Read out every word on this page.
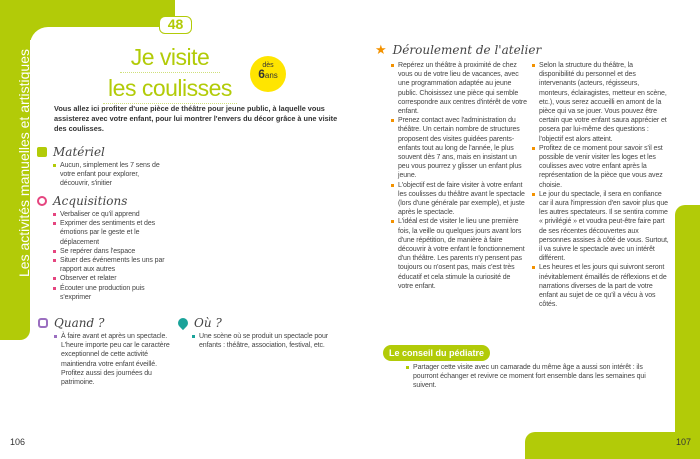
Les activités manuelles et artistiques
48
Je visite
les coulisses
dès
6ans

Vous allez ici profiter d'une pièce de théâtre pour jeune public, à laquelle vous assisterez avec votre enfant, pour lui montrer l'envers du décor grâce à une visite des coulisses.

Matériel
Aucun, simplement les 7 sens de votre enfant pour explorer, découvrir, s'initier
Acquisitions
Verbaliser ce qu'il apprend
Exprimer des sentiments et des émotions par le geste et le déplacement
Se repérer dans l'espace
Situer des événements les uns par rapport aux autres
Observer et relater
Écouter une production puis s'exprimer
Quand ?
À faire avant et après un spectacle. L'heure importe peu car le caractère exceptionnel de cette activité maintiendra votre enfant éveillé. Profitez aussi des journées du patrimoine.
Où ?
Une scène où se produit un spectacle pour enfants : théâtre, association, festival, etc.
106
★ Déroulement de l'atelier
Repérez un théâtre à proximité de chez vous ou de votre lieu de vacances, avec une programmation adaptée au jeune public. Choisissez une pièce qui semble correspondre aux centres d'intérêt de votre enfant.
Prenez contact avec l'administration du théâtre. Un certain nombre de structures proposent des visites guidées parents-enfants tout au long de l'année, le plus souvent dès 7 ans, mais en insistant un peu vous pourrez y glisser un enfant plus jeune.
L'objectif est de faire visiter à votre enfant les coulisses du théâtre avant le spectacle (lors d'une générale par exemple), et juste après le spectacle.
L'idéal est de visiter le lieu une première fois, la veille ou quelques jours avant lors d'une répétition, de manière à faire découvrir à votre enfant le fonctionnement d'un théâtre. Les parents n'y pensent pas toujours ou n'osent pas, mais c'est très éducatif et cela stimule la curiosité de votre enfant.
Selon la structure du théâtre, la disponibilité du personnel et des intervenants (acteurs, régisseurs, monteurs, éclairagistes, metteur en scène, etc.), vous serez accueilli en amont de la pièce qui va se jouer. Vous pouvez être certain que votre enfant saura apprécier et posera par lui-même des questions : l'objectif est alors atteint.
Profitez de ce moment pour savoir s'il est possible de venir visiter les loges et les coulisses avec votre enfant après la représentation de la pièce que vous avez choisie.
Le jour du spectacle, il sera en confiance car il aura l'impression d'en savoir plus que les autres spectateurs. Il se sentira comme « privilégié » et voudra peut-être faire part de ses récentes découvertes aux personnes assises à côté de vous. Surtout, il va suivre le spectacle avec un intérêt différent.
Les heures et les jours qui suivront seront inévitablement émaillés de réflexions et de narrations diverses de la part de votre enfant au sujet de ce qu'il a vécu à vos côtés.
Le conseil du pédiatre
Partager cette visite avec un camarade du même âge a aussi son intérêt : ils pourront échanger et revivre ce moment fort ensemble dans les semaines qui suivent.
107
